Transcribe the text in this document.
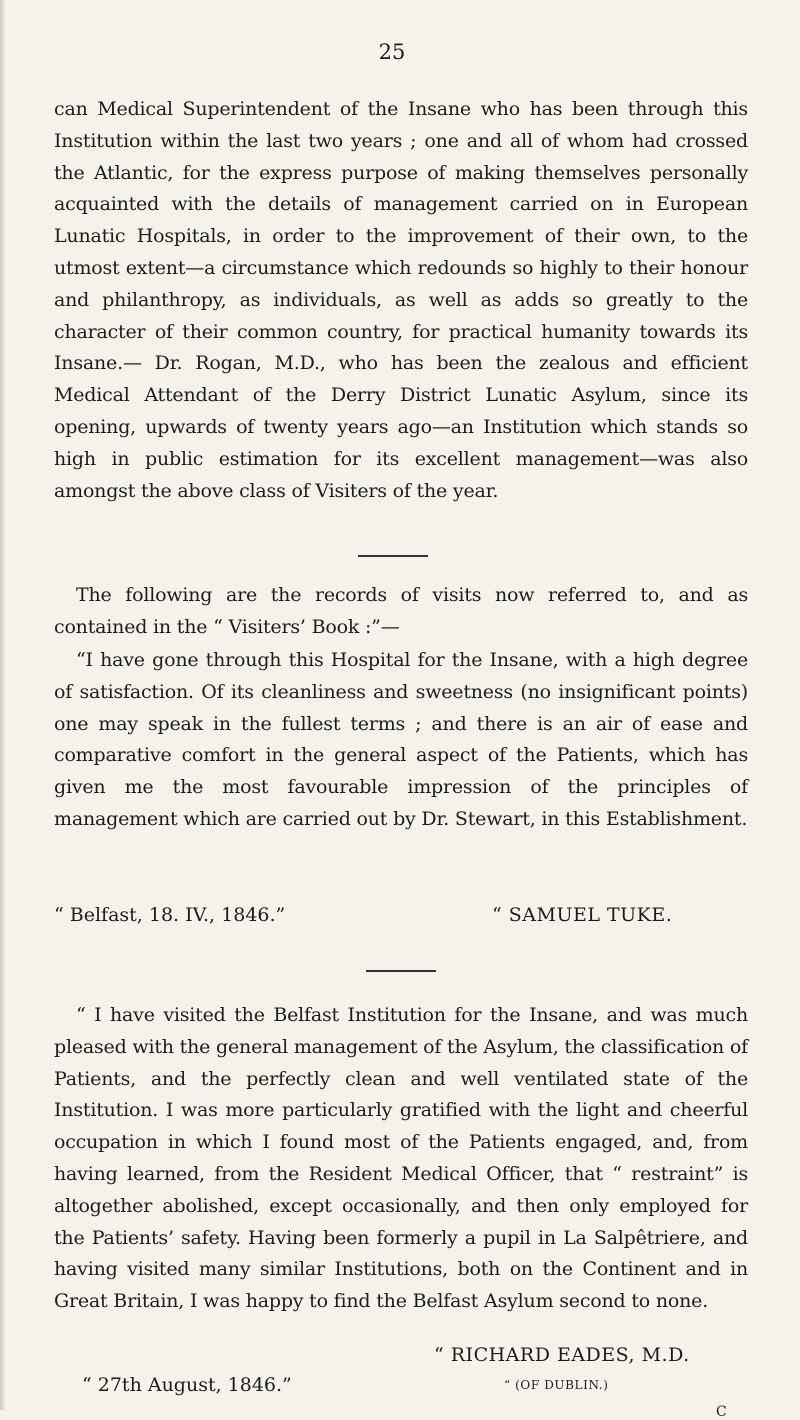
25

can Medical Superintendent of the Insane who has been through this Institution within the last two years ; one and all of whom had crossed the Atlantic, for the express purpose of making themselves personally acquainted with the details of management carried on in European Lunatic Hospitals, in order to the improvement of their own, to the utmost extent—a circumstance which redounds so highly to their honour and philanthropy, as individuals, as well as adds so greatly to the character of their common country, for practical humanity towards its Insane.— Dr. Rogan, M.D., who has been the zealous and efficient Medical Attendant of the Derry District Lunatic Asylum, since its opening, upwards of twenty years ago—an Institution which stands so high in public estimation for its excellent management—was also amongst the above class of Visiters of the year.

The following are the records of visits now referred to, and as contained in the “ Visiters’ Book :”—

“I have gone through this Hospital for the Insane, with a high degree of satisfaction. Of its cleanliness and sweetness (no insignificant points) one may speak in the fullest terms ; and there is an air of ease and comparative comfort in the general aspect of the Patients, which has given me the most favourable impression of the principles of management which are carried out by Dr. Stewart, in this Establishment.

“ Belfast, 18. IV., 1846.”	“ SAMUEL TUKE.

“ I have visited the Belfast Institution for the Insane, and was much pleased with the general management of the Asylum, the classification of Patients, and the perfectly clean and well ventilated state of the Institution. I was more particularly gratified with the light and cheerful occupation in which I found most of the Patients engaged, and, from having learned, from the Resident Medical Officer, that “ restraint” is altogether abolished, except occasionally, and then only employed for the Patients’ safety. Having been formerly a pupil in La Salpêtriere, and having visited many similar Institutions, both on the Continent and in Great Britain, I was happy to find the Belfast Asylum second to none.

“ RICHARD EADES, M.D.
“ 27th August, 1846.”	“ (OF DUBLIN.)
C
